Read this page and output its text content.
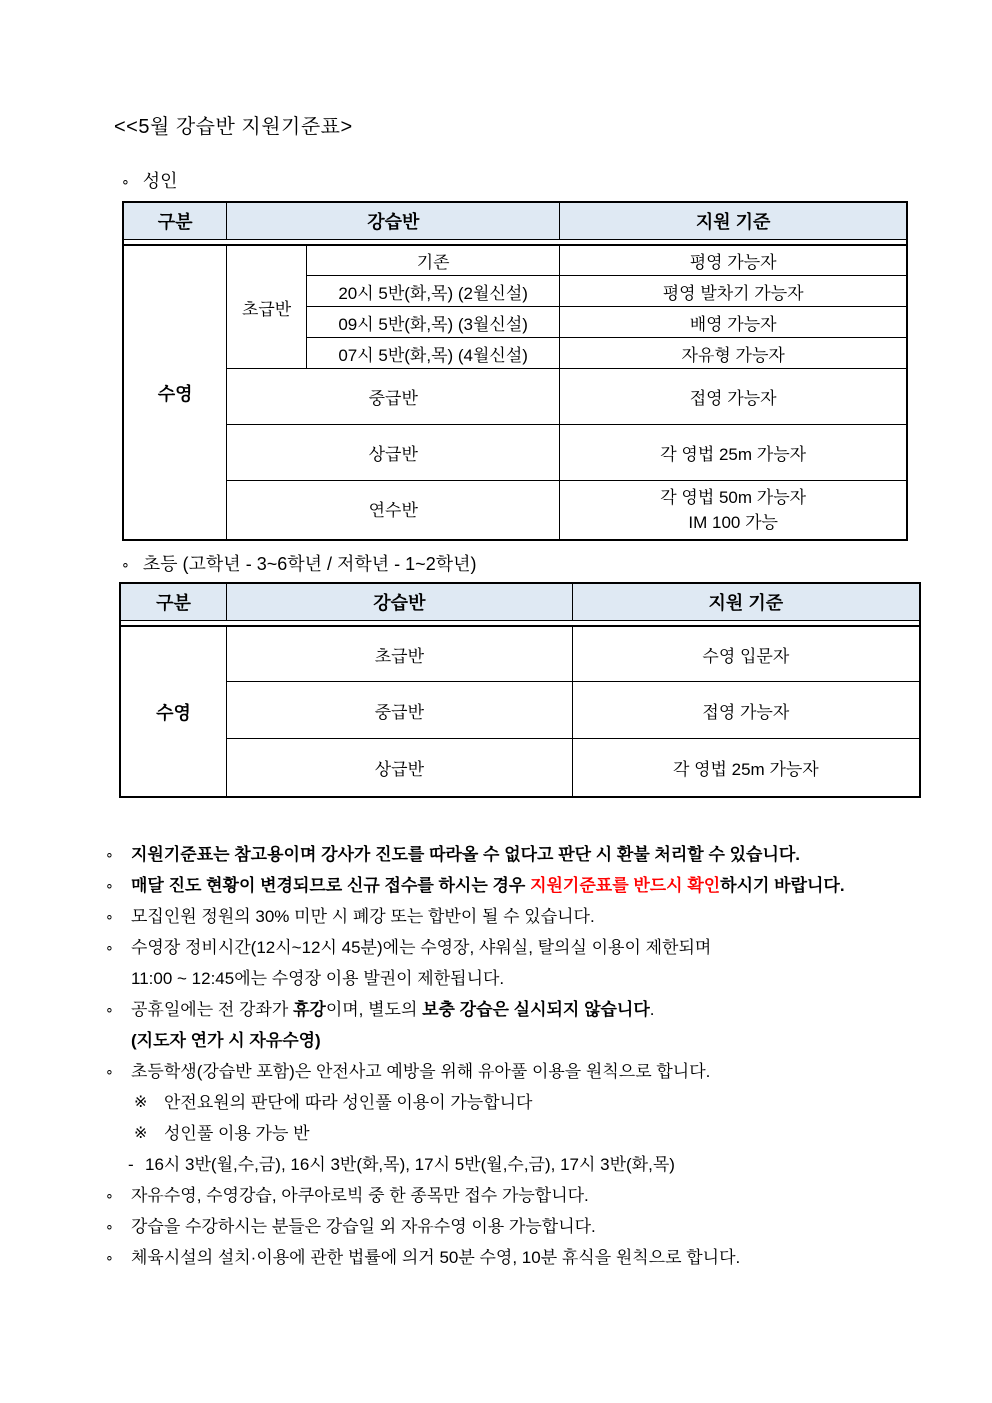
<<5월 강습반 지원기준표>
∘ 성인
구분	강습반		지원 기준

수영	초급반	기존	평영 가능자
		20시 5반(화,목) (2월신설)	평영 발차기 가능자
		09시 5반(화,목) (3월신설)	배영 가능자
		07시 5반(화,목) (4월신설)	자유형 가능자
	중급반		접영 가능자
	상급반		각 영법 25m 가능자
	연수반		각 영법 50m 가능자
IM 100 가능
∘ 초등 (고학년 - 3~6학년 / 저학년 - 1~2학년)
구분	강습반	지원 기준

수영	초급반	수영 입문자
	중급반	접영 가능자
	상급반	각 영법 25m 가능자
∘ 지원기준표는 참고용이며 강사가 진도를 따라올 수 없다고 판단 시 환불 처리할 수 있습니다.
∘ 매달 진도 현황이 변경되므로 신규 접수를 하시는 경우 지원기준표를 반드시 확인하시기 바랍니다.
∘ 모집인원 정원의 30% 미만 시 폐강 또는 합반이 될 수 있습니다.
∘ 수영장 정비시간(12시~12시 45분)에는 수영장, 샤워실, 탈의실 이용이 제한되며
11:00 ~ 12:45에는 수영장 이용 발권이 제한됩니다.
∘ 공휴일에는 전 강좌가 휴강이며, 별도의 보충 강습은 실시되지 않습니다.
(지도자 연가 시 자유수영)
∘ 초등학생(강습반 포함)은 안전사고 예방을 위해 유아풀 이용을 원칙으로 합니다.
※ 안전요원의 판단에 따라 성인풀 이용이 가능합니다
※ 성인풀 이용 가능 반
- 16시 3반(월,수,금), 16시 3반(화,목), 17시 5반(월,수,금), 17시 3반(화,목)
∘ 자유수영, 수영강습, 아쿠아로빅 중 한 종목만 접수 가능합니다.
∘ 강습을 수강하시는 분들은 강습일 외 자유수영 이용 가능합니다.
∘ 체육시설의 설치·이용에 관한 법률에 의거 50분 수영, 10분 휴식을 원칙으로 합니다.
